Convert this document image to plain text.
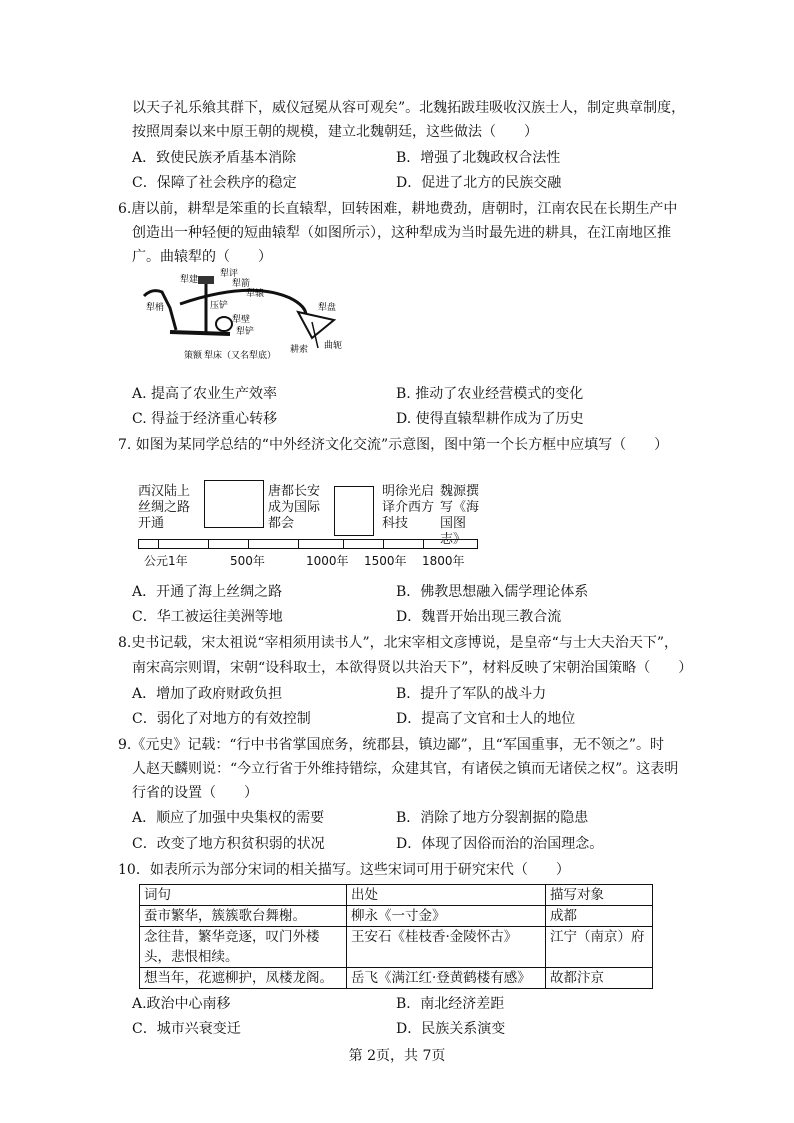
以天子礼乐飨其群下，威仪冠冕从容可观矣”。北魏拓跋珪吸收汉族士人，制定典章制度，
按照周秦以来中原王朝的规模，建立北魏朝廷，这些做法（　　）
A．致使民族矛盾基本消除	B．增强了北魏政权合法性
C．保障了社会秩序的稳定	D．促进了北方的民族交融
6.唐以前，耕犁是笨重的长直辕犁，回转困难，耕地费劲，唐朝时，江南农民在长期生产中
创造出一种轻便的短曲辕犁（如图所示），这种犁成为当时最先进的耕具，在江南地区推
广。曲辕犁的（　　）
犁建
犁评
犁箭
犁辕
犁梢	压铲
犁壁
犁铲
犁盘
耕索 曲轭
策额 犁床（又名犁底）
A. 提高了农业生产效率	B. 推动了农业经营模式的变化
C. 得益于经济重心转移	D. 使得直辕犁耕作成为了历史
7. 如图为某同学总结的“中外经济文化交流”示意图，图中第一个长方框中应填写（　　）
西汉陆上
丝绸之路
开通
唐都长安
成为国际
都会
明徐光启
译介西方
科技
魏源撰
写《海
国图志》
公元1年	500年	1000年 1500年 1800年
A．开通了海上丝绸之路	B．佛教思想融入儒学理论体系
C．华工被运往美洲等地	D．魏晋开始出现三教合流
8.史书记载，宋太祖说“宰相须用读书人”，北宋宰相文彦博说，是皇帝“与士大夫治天下”，
南宋高宗则谓，宋朝“设科取士，本欲得贤以共治天下”，材料反映了宋朝治国策略（　　）
A．增加了政府财政负担	B．提升了军队的战斗力
C．弱化了对地方的有效控制	D．提高了文官和士人的地位
9.《元史》记载：“行中书省掌国庶务，统郡县，镇边鄙”，且“军国重事，无不领之”。时
人赵天麟则说：“今立行省于外维持错综，众建其官，有诸侯之镇而无诸侯之权”。这表明
行省的设置（　　）
A．顺应了加强中央集权的需要	B．消除了地方分裂割据的隐患
C．改变了地方积贫积弱的状况	D．体现了因俗而治的治国理念。
10．如表所示为部分宋词的相关描写。这些宋词可用于研究宋代（　　）
词句	出处	描写对象
蚕市繁华，簇簇歌台舞榭。	柳永《一寸金》	成都
念往昔，繁华竞逐，叹门外楼头，悲恨相续。	王安石《桂枝香·金陵怀古》	江宁（南京）府
想当年，花遮柳护，凤楼龙阁。	岳飞《满江红·登黄鹤楼有感》	故都汴京
A.政治中心南移	B．南北经济差距
C．城市兴衰变迁	D．民族关系演变
第 2页，共 7页
